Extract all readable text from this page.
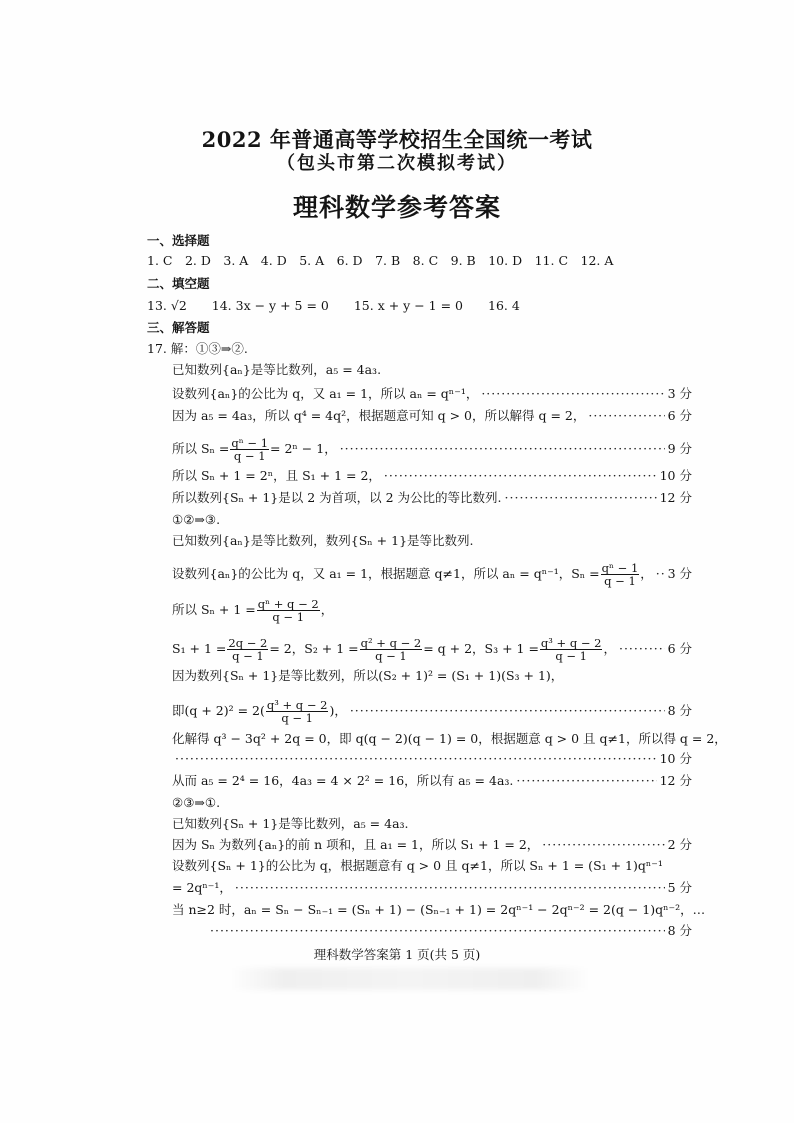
2022 年普通高等学校招生全国统一考试
（包头市第二次模拟考试）
理科数学参考答案
一、选择题
1. C　2. D　3. A　4. D　5. A　6. D　7. B　8. C　9. B　10. D　11. C　12. A
二、填空题
13. √2　　14. 3x − y + 5 = 0　　15. x + y − 1 = 0　　16. 4
三、解答题
17. 解：①③⇒②.
已知数列{aₙ}是等比数列，a₅ = 4a₃.
设数列{aₙ}的公比为 q，又 a₁ = 1，所以 aₙ = qⁿ⁻¹， ·····	3 分
因为 a₅ = 4a₃，所以 q⁴ = 4q²，根据题意可知 q > 0，所以解得 q = 2， ·····	6 分
所以 $S_n = \frac{\text{qⁿ − 1}}{q - 1} = 2^n - 1$， ·····	9 分
所以 Sₙ + 1 = 2ⁿ，且 S₁ + 1 = 2， ·····	10 分
所以数列{Sₙ + 1}是以 2 为首项，以 2 为公比的等比数列. ·····	12 分
①②⇒③.
已知数列{aₙ}是等比数列，数列{Sₙ + 1}是等比数列.
设数列{aₙ}的公比为 q，又 a₁ = 1，根据题意 q≠1，所以 aₙ = qⁿ⁻¹，$S_n = \frac{\text{qⁿ − 1}}{q - 1}$ ， ····· 3 分
所以 $S_n + 1 = \frac{\text{qⁿ + q − 2}}{q - 1}$ ，
$S_1 + 1 = \frac{2q - 2}{q - 1} = 2$，$S_2 + 1 = \frac{\text{q² + q − 2}}{q - 1} = q + 2$，$S_3 + 1 = \frac{\text{q³ + q − 2}}{q - 1}$ ， ·····	6 分
因为数列{Sₙ + 1}是等比数列，所以(S₂ + 1)² = (S₁ + 1)(S₃ + 1)，
即$(q + 2)^2 = 2( \frac{\text{q³ + q − 2}}{q - 1}$ )， ·····	8 分
化解得 q³ − 3q² + 2q = 0，即 q(q − 2)(q − 1) = 0，根据题意 q > 0 且 q≠1，所以得 q = 2，
·····
10 分
从而 a₅ = 2⁴ = 16，4a₃ = 4 × 2² = 16，所以有 a₅ = 4a₃. ·····	12 分
②③⇒①.
已知数列{Sₙ + 1}是等比数列，a₅ = 4a₃.
因为 Sₙ 为数列{aₙ}的前 n 项和，且 a₁ = 1，所以 S₁ + 1 = 2， ·····	2 分
设数列{Sₙ + 1}的公比为 q，根据题意有 q > 0 且 q≠1，所以 Sₙ + 1 = (S₁ + 1)qⁿ⁻¹
= 2qⁿ⁻¹， ·····	5 分
当 n≥2 时，aₙ = Sₙ − Sₙ₋₁ = (Sₙ + 1) − (Sₙ₋₁ + 1) = 2qⁿ⁻¹ − 2qⁿ⁻² = 2(q − 1)qⁿ⁻²，…
·····
8 分
理科数学答案第 1 页(共 5 页)
